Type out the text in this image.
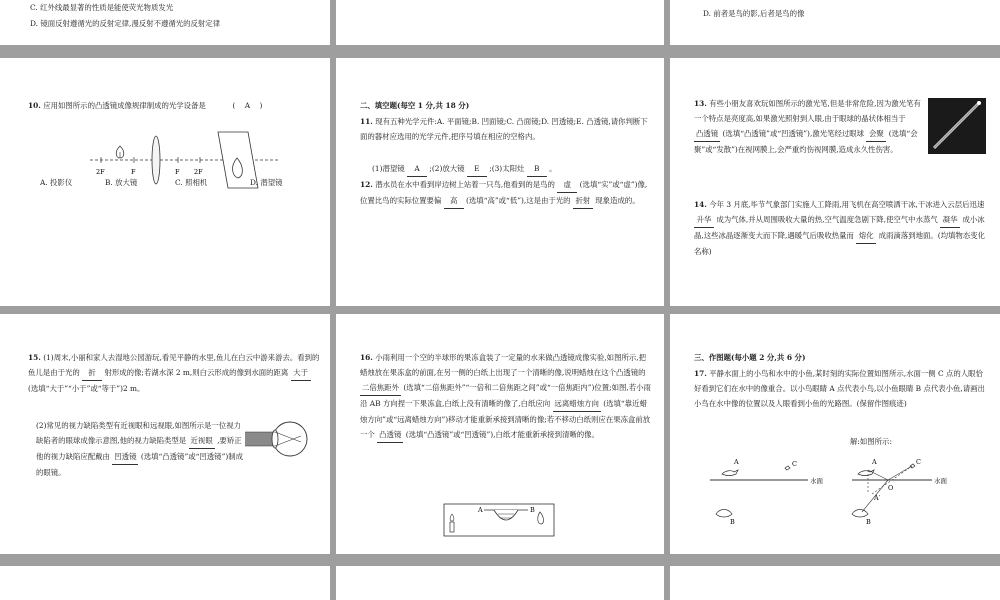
C. 红外线最显著的性质是能使荧光物质发光
D. 镜面反射遵循光的反射定律,漫反射不遵循光的反射定律
D. 前者是鸟的影,后者是鸟的像
10. 应用如图所示的凸透镜成像规律制成的光学设备是	( A )
2F	F	F 2F
A. 投影仪	B. 放大镜	C. 照相机	D. 潜望镜
二、填空题(每空 1 分,共 18 分)
11. 现有五种光学元件:A. 平面镜;B. 凹面镜;C. 凸面镜;D. 凹透镜;E. 凸透镜,请你判断下面的器材应选用的光学元件,把序号填在相应的空格内。
(1)潜望镜 A ;(2)放大镜 E ;(3)太阳灶 B 。
12. 潜水员在水中看到岸边树上站着一只鸟,他看到的是鸟的 虚 (选填“实”或“虚”)像,位置比鸟的实际位置要偏 高 (选填“高”或“低”),这是由于光的 折射 现象造成的。
13. 有些小朋友喜欢玩如图所示的激光笔,但是非常危险,因为激光笔有一个特点是亮度高,如果激光照射到人眼,由于眼球的晶状体相当于 凸透镜 (选填“凸透镜”或“凹透镜”),激光笔经过眼球 会聚 (选填“会聚”或“发散”)在视网膜上,会严重灼伤视网膜,造成永久性伤害。
14. 今年 3 月底,毕节气象部门实施人工降雨,用飞机在高空喷洒干冰,干冰进入云层后迅速 升华 成为气体,并从周围吸收大量的热,空气温度急剧下降,使空气中水蒸气 凝华 成小冰晶,这些冰晶逐渐变大而下降,遇暖气后吸收热量而 熔化 成雨滴落到地面。(均填物态变化名称)
15. (1)周末,小丽和家人去湿地公园游玩,看见平静的水里,鱼儿在白云中游来游去。看到的鱼儿是由于光的 折 射形成的像;若湖水深 2 m,则白云形成的像到水面的距离 大于 (选填“大于”“小于”或“等于”)2 m。
(2)常见的视力缺陷类型有近视眼和远视眼,如图所示是一位视力缺陷者的眼球成像示意图,他的视力缺陷类型是 近视眼 ,要矫正他的视力缺陷应配戴由 凹透镜 (选填“凸透镜”或“凹透镜”)制成的眼镜。
16. 小雨利用一个空的半球形的果冻盒装了一定量的水来做凸透镜成像实验,如图所示,把蜡烛放在果冻盒的前面,在另一侧的白纸上出现了一个清晰的像,说明蜡烛在这个凸透镜的 二倍焦距外 (选填“二倍焦距外”“一倍和二倍焦距之间”或“一倍焦距内”)位置;如图,若小雨沿 AB 方向捏一下果冻盒,白纸上没有清晰的像了,白纸应向 远离蜡烛方向 (选填“靠近蜡烛方向”或“远离蜡烛方向”)移动才能重新承接到清晰的像;若不移动白纸则应在果冻盒前放一个 凸透镜 (选填“凸透镜”或“凹透镜”),白纸才能重新承接到清晰的像。
A	B
三、作图题(每小题 2 分,共 6 分)
17. 平静水面上的小鸟和水中的小鱼,某时刻的实际位置如图所示,水面一侧 C 点的人眼恰好看到它们在水中的像重合。以小鸟眼睛 A 点代表小鸟,以小鱼眼睛 B 点代表小鱼,请画出小鸟在水中像的位置以及人眼看到小鱼的光路图。(保留作图痕迹)
解:如图所示:
A	C
B
水面
A	C
O
A′
B
水面
